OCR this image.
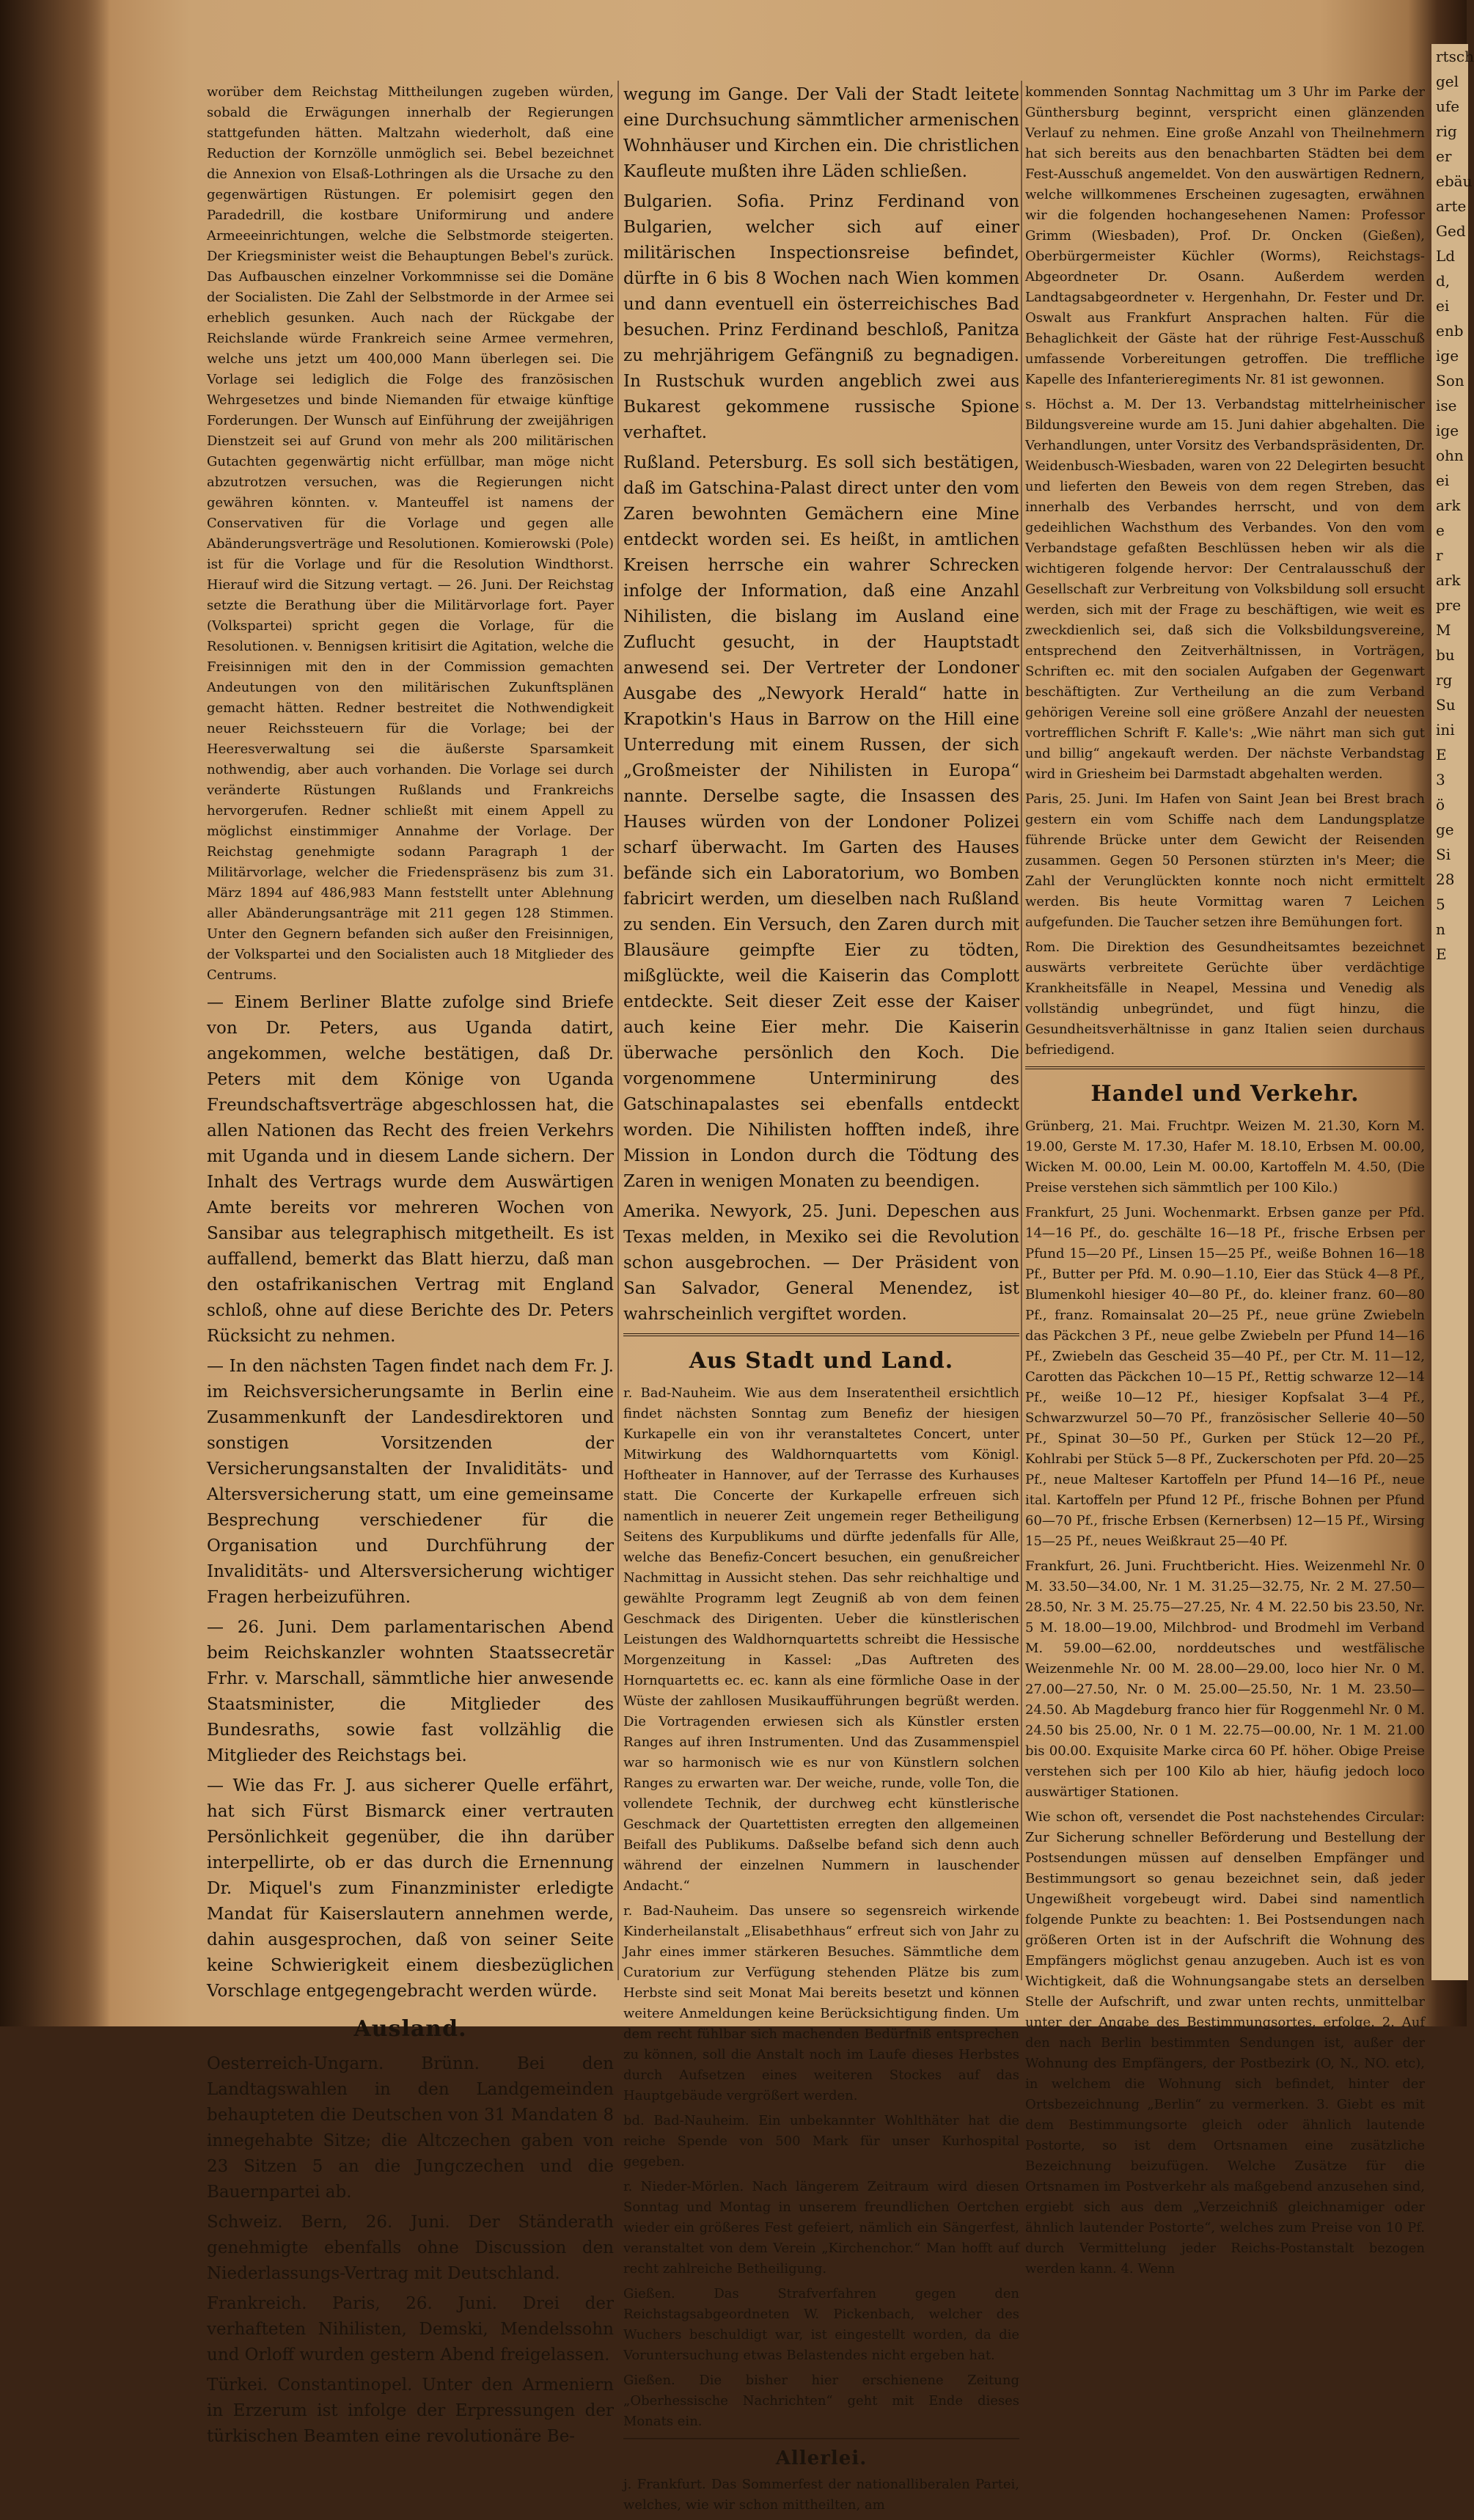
worüber dem Reichstag Mittheilungen zugeben würden, sobald die Erwägungen innerhalb der Regierungen stattgefunden hätten. Maltzahn wiederholt, daß eine Reduction der Kornzölle unmöglich sei. Bebel bezeichnet die Annexion von Elsaß-Lothringen als die Ursache zu den gegenwärtigen Rüstungen. Er polemisirt gegen den Paradedrill, die kostbare Uniformirung und andere Armeeeinrichtungen, welche die Selbstmorde steigerten. Der Kriegsminister weist die Behauptungen Bebel's zurück. Das Aufbauschen einzelner Vorkommnisse sei die Domäne der Socialisten. Die Zahl der Selbstmorde in der Armee sei erheblich gesunken. Auch nach der Rückgabe der Reichslande würde Frankreich seine Armee vermehren, welche uns jetzt um 400,000 Mann überlegen sei. Die Vorlage sei lediglich die Folge des französischen Wehrgesetzes und binde Niemanden für etwaige künftige Forderungen. Der Wunsch auf Einführung der zweijährigen Dienstzeit sei auf Grund von mehr als 200 militärischen Gutachten gegenwärtig nicht erfüllbar, man möge nicht abzutrotzen versuchen, was die Regierungen nicht gewähren könnten. v. Manteuffel ist namens der Conservativen für die Vorlage und gegen alle Abänderungsverträge und Resolutionen. Komierowski (Pole) ist für die Vorlage und für die Resolution Windthorst. Hierauf wird die Sitzung vertagt. — 26. Juni. Der Reichstag setzte die Berathung über die Militärvorlage fort. Payer (Volkspartei) spricht gegen die Vorlage, für die Resolutionen. v. Bennigsen kritisirt die Agitation, welche die Freisinnigen mit den in der Commission gemachten Andeutungen von den militärischen Zukunftsplänen gemacht hätten. Redner bestreitet die Nothwendigkeit neuer Reichssteuern für die Vorlage; bei der Heeresverwaltung sei die äußerste Sparsamkeit nothwendig, aber auch vorhanden. Die Vorlage sei durch veränderte Rüstungen Rußlands und Frankreichs hervorgerufen. Redner schließt mit einem Appell zu möglichst einstimmiger Annahme der Vorlage. Der Reichstag genehmigte sodann Paragraph 1 der Militärvorlage, welcher die Friedenspräsenz bis zum 31. März 1894 auf 486,983 Mann feststellt unter Ablehnung aller Abänderungsanträge mit 211 gegen 128 Stimmen. Unter den Gegnern befanden sich außer den Freisinnigen, der Volkspartei und den Socialisten auch 18 Mitglieder des Centrums.

— Einem Berliner Blatte zufolge sind Briefe von Dr. Peters, aus Uganda datirt, angekommen, welche bestätigen, daß Dr. Peters mit dem Könige von Uganda Freundschaftsverträge abgeschlossen hat, die allen Nationen das Recht des freien Verkehrs mit Uganda und in diesem Lande sichern. Der Inhalt des Vertrags wurde dem Auswärtigen Amte bereits vor mehreren Wochen von Sansibar aus telegraphisch mitgetheilt. Es ist auffallend, bemerkt das Blatt hierzu, daß man den ostafrikanischen Vertrag mit England schloß, ohne auf diese Berichte des Dr. Peters Rücksicht zu nehmen.

— In den nächsten Tagen findet nach dem Fr. J. im Reichsversicherungsamte in Berlin eine Zusammenkunft der Landesdirektoren und sonstigen Vorsitzenden der Versicherungsanstalten der Invaliditäts- und Altersversicherung statt, um eine gemeinsame Besprechung verschiedener für die Organisation und Durchführung der Invaliditäts- und Altersversicherung wichtiger Fragen herbeizuführen.

— 26. Juni. Dem parlamentarischen Abend beim Reichskanzler wohnten Staatssecretär Frhr. v. Marschall, sämmtliche hier anwesende Staatsminister, die Mitglieder des Bundesraths, sowie fast vollzählig die Mitglieder des Reichstags bei.

— Wie das Fr. J. aus sicherer Quelle erfährt, hat sich Fürst Bismarck einer vertrauten Persönlichkeit gegenüber, die ihn darüber interpellirte, ob er das durch die Ernennung Dr. Miquel's zum Finanzminister erledigte Mandat für Kaiserslautern annehmen werde, dahin ausgesprochen, daß von seiner Seite keine Schwierigkeit einem diesbezüglichen Vorschlage entgegengebracht werden würde.

Ausland.

Oesterreich-Ungarn. Brünn. Bei den Landtagswahlen in den Landgemeinden behaupteten die Deutschen von 31 Mandaten 8 innegehabte Sitze; die Altczechen gaben von 23 Sitzen 5 an die Jungczechen und die Bauernpartei ab.

Schweiz. Bern, 26. Juni. Der Ständerath genehmigte ebenfalls ohne Discussion den Niederlassungs-Vertrag mit Deutschland.

Frankreich. Paris, 26. Juni. Drei der verhafteten Nihilisten, Demski, Mendelssohn und Orloff wurden gestern Abend freigelassen.

Türkei. Constantinopel. Unter den Armeniern in Erzerum ist infolge der Erpressungen der türkischen Beamten eine revolutionäre Be-

wegung im Gange. Der Vali der Stadt leitete eine Durchsuchung sämmtlicher armenischen Wohnhäuser und Kirchen ein. Die christlichen Kaufleute mußten ihre Läden schließen.

Bulgarien. Sofia. Prinz Ferdinand von Bulgarien, welcher sich auf einer militärischen Inspectionsreise befindet, dürfte in 6 bis 8 Wochen nach Wien kommen und dann eventuell ein österreichisches Bad besuchen. Prinz Ferdinand beschloß, Panitza zu mehrjährigem Gefängniß zu begnadigen. In Rustschuk wurden angeblich zwei aus Bukarest gekommene russische Spione verhaftet.

Rußland. Petersburg. Es soll sich bestätigen, daß im Gatschina-Palast direct unter den vom Zaren bewohnten Gemächern eine Mine entdeckt worden sei. Es heißt, in amtlichen Kreisen herrsche ein wahrer Schrecken infolge der Information, daß eine Anzahl Nihilisten, die bislang im Ausland eine Zuflucht gesucht, in der Hauptstadt anwesend sei. Der Vertreter der Londoner Ausgabe des „Newyork Herald“ hatte in Krapotkin's Haus in Barrow on the Hill eine Unterredung mit einem Russen, der sich „Großmeister der Nihilisten in Europa“ nannte. Derselbe sagte, die Insassen des Hauses würden von der Londoner Polizei scharf überwacht. Im Garten des Hauses befände sich ein Laboratorium, wo Bomben fabricirt werden, um dieselben nach Rußland zu senden. Ein Versuch, den Zaren durch mit Blausäure geimpfte Eier zu tödten, mißglückte, weil die Kaiserin das Complott entdeckte. Seit dieser Zeit esse der Kaiser auch keine Eier mehr. Die Kaiserin überwache persönlich den Koch. Die vorgenommene Unterminirung des Gatschinapalastes sei ebenfalls entdeckt worden. Die Nihilisten hofften indeß, ihre Mission in London durch die Tödtung des Zaren in wenigen Monaten zu beendigen.

Amerika. Newyork, 25. Juni. Depeschen aus Texas melden, in Mexiko sei die Revolution schon ausgebrochen. — Der Präsident von San Salvador, General Menendez, ist wahrscheinlich vergiftet worden.

Aus Stadt und Land.

r. Bad-Nauheim. Wie aus dem Inseratentheil ersichtlich findet nächsten Sonntag zum Benefiz der hiesigen Kurkapelle ein von ihr veranstaltetes Concert, unter Mitwirkung des Waldhornquartetts vom Königl. Hoftheater in Hannover, auf der Terrasse des Kurhauses statt. Die Concerte der Kurkapelle erfreuen sich namentlich in neuerer Zeit ungemein reger Betheiligung Seitens des Kurpublikums und dürfte jedenfalls für Alle, welche das Benefiz-Concert besuchen, ein genußreicher Nachmittag in Aussicht stehen. Das sehr reichhaltige und gewählte Programm legt Zeugniß ab von dem feinen Geschmack des Dirigenten. Ueber die künstlerischen Leistungen des Waldhornquartetts schreibt die Hessische Morgenzeitung in Kassel: „Das Auftreten des Hornquartetts ec. ec. kann als eine förmliche Oase in der Wüste der zahllosen Musikaufführungen begrüßt werden. Die Vortragenden erwiesen sich als Künstler ersten Ranges auf ihren Instrumenten. Und das Zusammenspiel war so harmonisch wie es nur von Künstlern solchen Ranges zu erwarten war. Der weiche, runde, volle Ton, die vollendete Technik, der durchweg echt künstlerische Geschmack der Quartettisten erregten den allgemeinen Beifall des Publikums. Daßselbe befand sich denn auch während der einzelnen Nummern in lauschender Andacht.“

r. Bad-Nauheim. Das unsere so segensreich wirkende Kinderheilanstalt „Elisabethhaus“ erfreut sich von Jahr zu Jahr eines immer stärkeren Besuches. Sämmtliche dem Curatorium zur Verfügung stehenden Plätze bis zum Herbste sind seit Monat Mai bereits besetzt und können weitere Anmeldungen keine Berücksichtigung finden. Um dem recht fühlbar sich machenden Bedürfniß entsprechen zu können, soll die Anstalt noch im Laufe dieses Herbstes durch Aufsetzen eines weiteren Stockes auf das Hauptgebäude vergrößert werden.

bd. Bad-Nauheim. Ein unbekannter Wohlthäter hat die reiche Spende von 500 Mark für unser Kurhospital gegeben.

r. Nieder-Mörlen. Nach längerem Zeitraum wird diesen Sonntag und Montag in unserem freundlichen Oertchen wieder ein größeres Fest gefeiert, nämlich ein Sängerfest, veranstaltet von dem Verein „Kirchenchor.“ Man hofft auf recht zahlreiche Betheiligung.

Gießen. Das Strafverfahren gegen den Reichstagsabgeordneten W. Pickenbach, welcher des Wuchers beschuldigt war, ist eingestellt worden, da die Voruntersuchung etwas Belastendes nicht ergeben hat.

Gießen. Die bisher hier erschienene Zeitung „Oberhessische Nachrichten“ geht mit Ende dieses Monats ein.

Allerlei.

j. Frankfurt. Das Sommerfest der nationalliberalen Partei, welches, wie wir schon mittheilten, am

kommenden Sonntag Nachmittag um 3 Uhr im Parke der Günthersburg beginnt, verspricht einen glänzenden Verlauf zu nehmen. Eine große Anzahl von Theilnehmern hat sich bereits aus den benachbarten Städten bei dem Fest-Ausschuß angemeldet. Von den auswärtigen Rednern, welche willkommenes Erscheinen zugesagten, erwähnen wir die folgenden hochangesehenen Namen: Professor Grimm (Wiesbaden), Prof. Dr. Oncken (Gießen), Oberbürgermeister Küchler (Worms), Reichstags-Abgeordneter Dr. Osann. Außerdem werden Landtagsabgeordneter v. Hergenhahn, Dr. Fester und Dr. Oswalt aus Frankfurt Ansprachen halten. Für die Behaglichkeit der Gäste hat der rührige Fest-Ausschuß umfassende Vorbereitungen getroffen. Die treffliche Kapelle des Infanterieregiments Nr. 81 ist gewonnen.

s. Höchst a. M. Der 13. Verbandstag mittelrheinischer Bildungsvereine wurde am 15. Juni dahier abgehalten. Die Verhandlungen, unter Vorsitz des Verbandspräsidenten, Dr. Weidenbusch-Wiesbaden, waren von 22 Delegirten besucht und lieferten den Beweis von dem regen Streben, das innerhalb des Verbandes herrscht, und von dem gedeihlichen Wachsthum des Verbandes. Von den vom Verbandstage gefaßten Beschlüssen heben wir als die wichtigeren folgende hervor: Der Centralausschuß der Gesellschaft zur Verbreitung von Volksbildung soll ersucht werden, sich mit der Frage zu beschäftigen, wie weit es zweckdienlich sei, daß sich die Volksbildungsvereine, entsprechend den Zeitverhältnissen, in Vorträgen, Schriften ec. mit den socialen Aufgaben der Gegenwart beschäftigten. Zur Vertheilung an die zum Verband gehörigen Vereine soll eine größere Anzahl der neuesten vortrefflichen Schrift F. Kalle's: „Wie nährt man sich gut und billig“ angekauft werden. Der nächste Verbandstag wird in Griesheim bei Darmstadt abgehalten werden.

Paris, 25. Juni. Im Hafen von Saint Jean bei Brest brach gestern ein vom Schiffe nach dem Landungsplatze führende Brücke unter dem Gewicht der Reisenden zusammen. Gegen 50 Personen stürzten in's Meer; die Zahl der Verunglückten konnte noch nicht ermittelt werden. Bis heute Vormittag waren 7 Leichen aufgefunden. Die Taucher setzen ihre Bemühungen fort.

Rom. Die Direktion des Gesundheitsamtes bezeichnet auswärts verbreitete Gerüchte über verdächtige Krankheitsfälle in Neapel, Messina und Venedig als vollständig unbegründet, und fügt hinzu, die Gesundheitsverhältnisse in ganz Italien seien durchaus befriedigend.

Handel und Verkehr.

Grünberg, 21. Mai. Fruchtpr. Weizen M. 21.30, Korn M. 19.00, Gerste M. 17.30, Hafer M. 18.10, Erbsen M. 00.00, Wicken M. 00.00, Lein M. 00.00, Kartoffeln M. 4.50, (Die Preise verstehen sich sämmtlich per 100 Kilo.)

Frankfurt, 25 Juni. Wochenmarkt. Erbsen ganze per Pfd. 14—16 Pf., do. geschälte 16—18 Pf., frische Erbsen per Pfund 15—20 Pf., Linsen 15—25 Pf., weiße Bohnen 16—18 Pf., Butter per Pfd. M. 0.90—1.10, Eier das Stück 4—8 Pf., Blumenkohl hiesiger 40—80 Pf., do. kleiner franz. 60—80 Pf., franz. Romainsalat 20—25 Pf., neue grüne Zwiebeln das Päckchen 3 Pf., neue gelbe Zwiebeln per Pfund 14—16 Pf., Zwiebeln das Gescheid 35—40 Pf., per Ctr. M. 11—12, Carotten das Päckchen 10—15 Pf., Rettig schwarze 12—14 Pf., weiße 10—12 Pf., hiesiger Kopfsalat 3—4 Pf., Schwarzwurzel 50—70 Pf., französischer Sellerie 40—50 Pf., Spinat 30—50 Pf., Gurken per Stück 12—20 Pf., Kohlrabi per Stück 5—8 Pf., Zuckerschoten per Pfd. 20—25 Pf., neue Malteser Kartoffeln per Pfund 14—16 Pf., neue ital. Kartoffeln per Pfund 12 Pf., frische Bohnen per Pfund 60—70 Pf., frische Erbsen (Kernerbsen) 12—15 Pf., Wirsing 15—25 Pf., neues Weißkraut 25—40 Pf.

Frankfurt, 26. Juni. Fruchtbericht. Hies. Weizenmehl Nr. 0 M. 33.50—34.00, Nr. 1 M. 31.25—32.75, Nr. 2 M. 27.50—28.50, Nr. 3 M. 25.75—27.25, Nr. 4 M. 22.50 bis 23.50, Nr. 5 M. 18.00—19.00, Milchbrod- und Brodmehl im Verband M. 59.00—62.00, norddeutsches und westfälische Weizenmehle Nr. 00 M. 28.00—29.00, loco hier Nr. 0 M. 27.00—27.50, Nr. 0 M. 25.00—25.50, Nr. 1 M. 23.50—24.50. Ab Magdeburg franco hier für Roggenmehl Nr. 0 M. 24.50 bis 25.00, Nr. 0 1 M. 22.75—00.00, Nr. 1 M. 21.00 bis 00.00. Exquisite Marke circa 60 Pf. höher. Obige Preise verstehen sich per 100 Kilo ab hier, häufig jedoch loco auswärtiger Stationen.

Wie schon oft, versendet die Post nachstehendes Circular: Zur Sicherung schneller Beförderung und Bestellung der Postsendungen müssen auf denselben Empfänger und Bestimmungsort so genau bezeichnet sein, daß jeder Ungewißheit vorgebeugt wird. Dabei sind namentlich folgende Punkte zu beachten: 1. Bei Postsendungen nach größeren Orten ist in der Aufschrift die Wohnung des Empfängers möglichst genau anzugeben. Auch ist es von Wichtigkeit, daß die Wohnungsangabe stets an derselben Stelle der Aufschrift, und zwar unten rechts, unmittelbar unter der Angabe des Bestimmungsortes, erfolge. 2. Auf den nach Berlin bestimmten Sendungen ist, außer der Wohnung des Empfängers, der Postbezirk (O, N., NO. etc), in welchem die Wohnung sich befindet, hinter der Ortsbezeichnung „Berlin“ zu vermerken. 3. Giebt es mit dem Bestimmungsorte gleich oder ähnlich lautende Postorte, so ist dem Ortsnamen eine zusätzliche Bezeichnung beizufügen. Welche Zusätze für die Ortsnamen im Postverkehr als maßgebend anzusehen sind, ergiebt sich aus dem „Verzeichniß gleichnamiger oder ähnlich lautender Postorte“, welches zum Preise von 10 Pf. durch Vermittelung jeder Reichs-Postanstalt bezogen werden kann. 4. Wenn

rtsch
gel
ufe
rig
er
ebäu
arte
Ged
Ld
d,
ei
enb
ige
Son
ise
ige
ohn
ei
ark
e
r
ark
pre
M
bu
rg
Su
ini
E
3
ö
ge
Si
28
5
n
E
